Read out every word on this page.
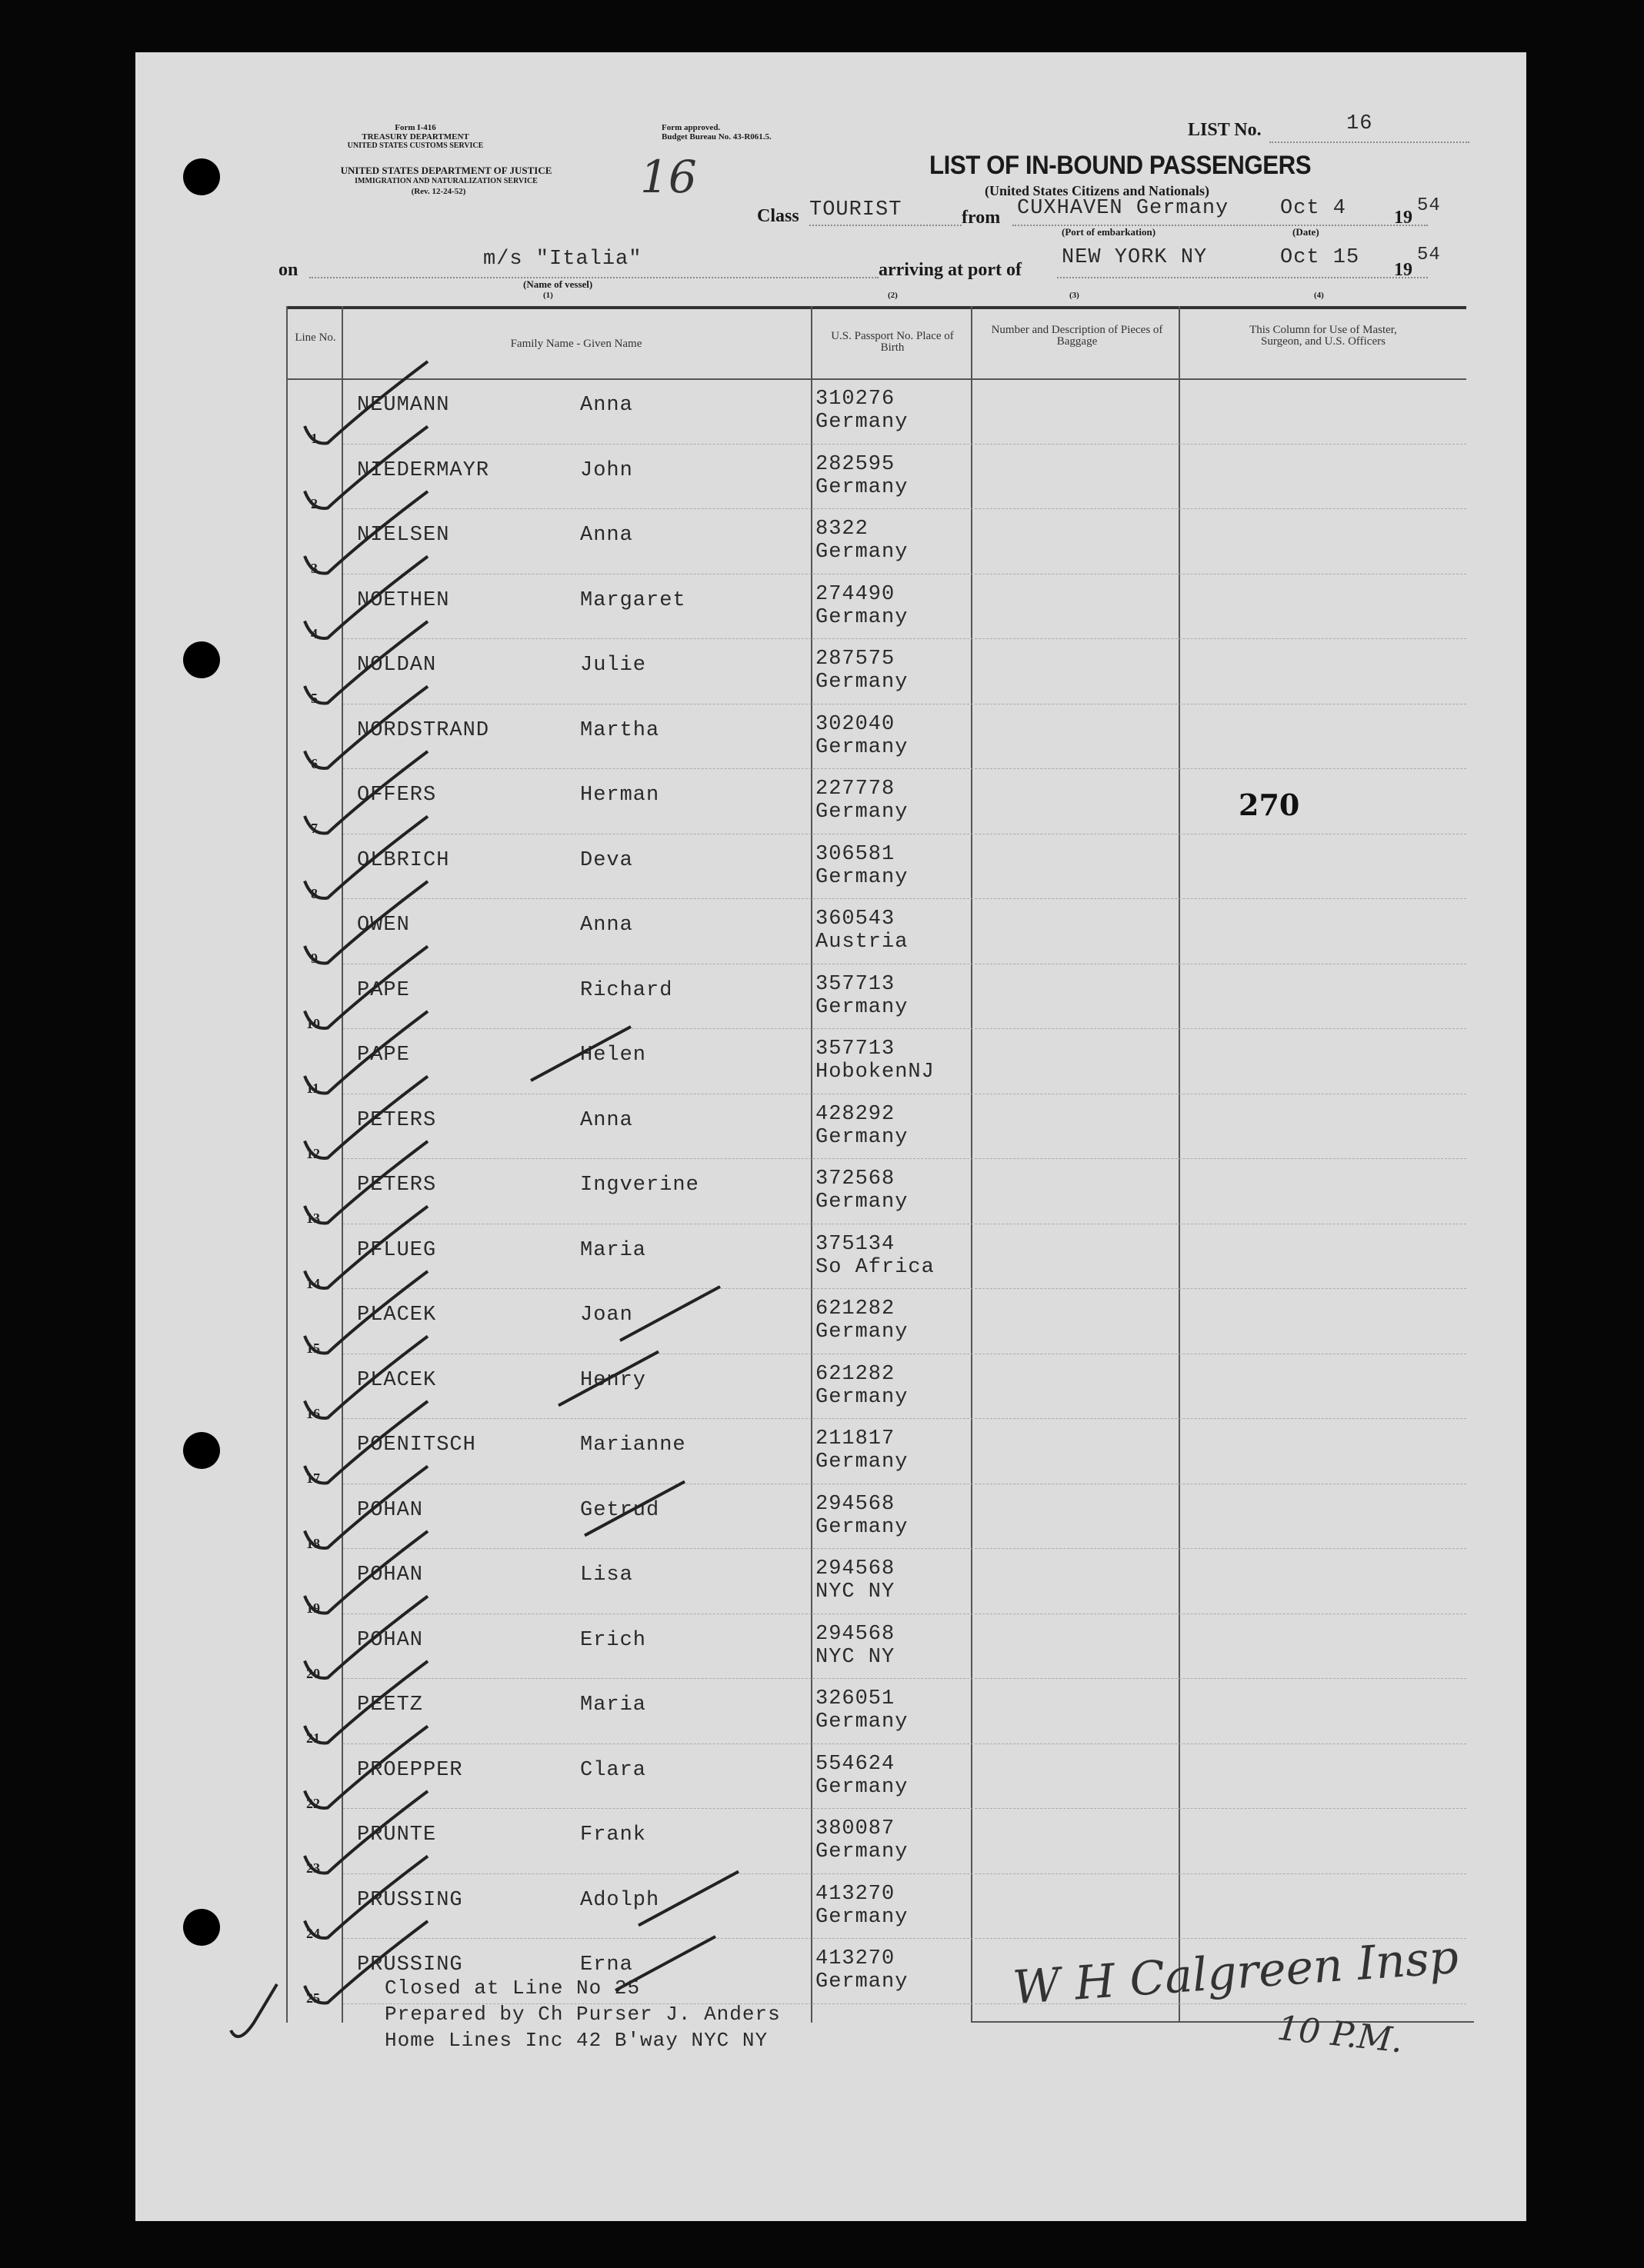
Form I-416
TREASURY DEPARTMENT
UNITED STATES CUSTOMS SERVICE
UNITED STATES DEPARTMENT OF JUSTICE
IMMIGRATION AND NATURALIZATION SERVICE
(Rev. 12-24-52)
Form approved.
Budget Bureau No. 43-R061.5.
16
LIST No.	16
LIST OF IN-BOUND PASSENGERS
(United States Citizens and Nationals)
Class TOURIST	from CUXHAVEN Germany Oct 4	19
54
(Port of embarkation)	(Date)
on	m/s "Italia"
(Name of vessel)
(1)
arriving at port of
NEW YORK NY	Oct 15
19
54
(2)	(3)	(4)
Line No.	Family Name - Given Name
U.S. Passport No. Place of Birth
Number and Description of Pieces of Baggage
This Column for Use of Master, Surgeon, and U.S. Officers
1
NEUMANN	Anna	310276
Germany
2
NIEDERMAYR	John	282595
Germany
3
NIELSEN	Anna	8322
Germany
4
NOETHEN	Margaret	274490
Germany
5
NOLDAN	Julie	287575
Germany
6
NORDSTRAND	Martha	302040
Germany
7
OFFERS	Herman	227778
Germany
8
OLBRICH	Deva	306581
Germany
9
OWEN	Anna	360543
Austria
10
PAPE	Richard	357713
Germany
11
PAPE	Helen	357713
HobokenNJ
12
PETERS	Anna	428292
Germany
13
PETERS	Ingverine	372568
Germany
14
PFLUEG	Maria	375134
So Africa
15
PLACEK	Joan	621282
Germany
16
PLACEK	Henry	621282
Germany
17
POENITSCH	Marianne	211817
Germany
18
POHAN	Getrud	294568
Germany
19
POHAN	Lisa	294568
NYC NY
20
POHAN	Erich	294568
NYC NY
21
PEETZ	Maria	326051
Germany
22
PROEPPER	Clara	554624
Germany
23
PRUNTE	Frank	380087
Germany
24
PRUSSING	Adolph	413270
Germany
25
PRUSSING	Erna	413270
Germany
270
Closed at Line No 25
Prepared by Ch Purser J. Anders
Home Lines Inc 42 B'way NYC NY
W H Calgreen Insp
10 P.M.
